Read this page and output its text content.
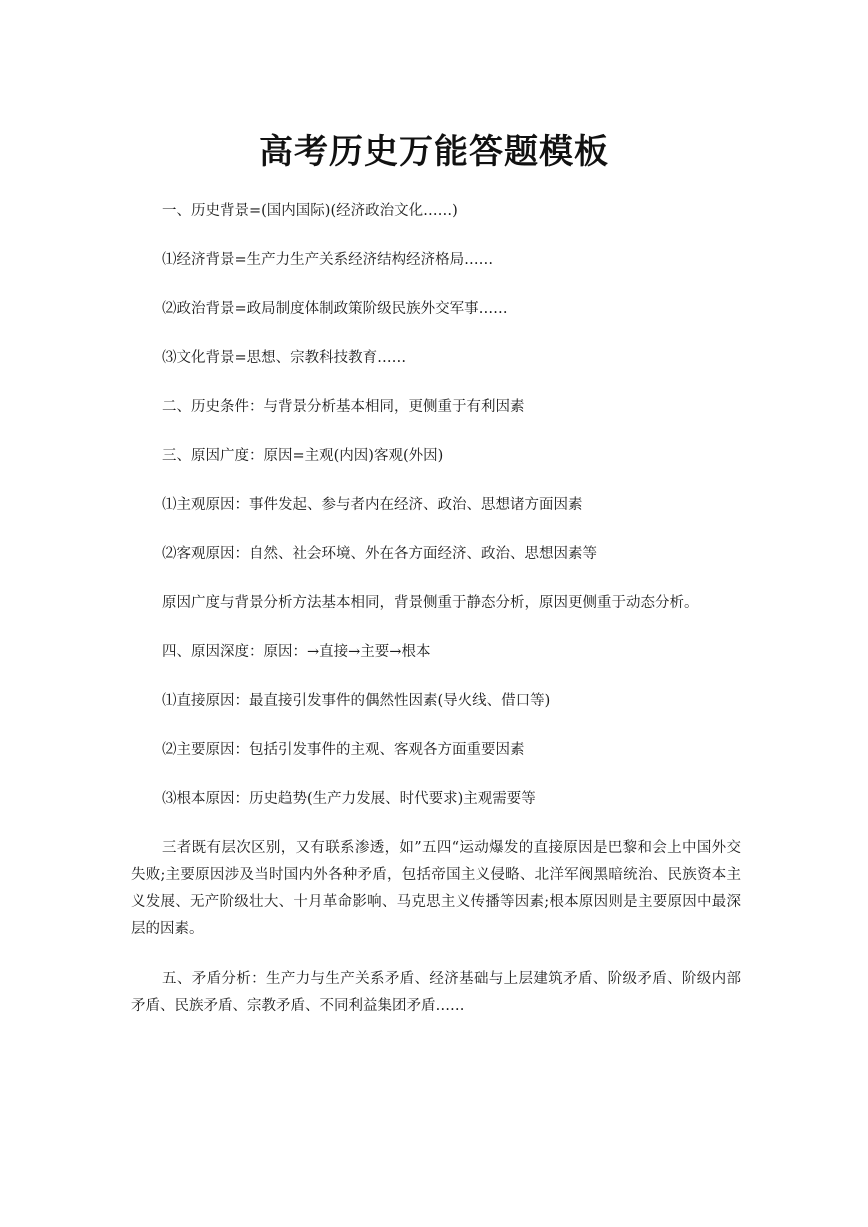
高考历史万能答题模板
一、历史背景=(国内国际)(经济政治文化……)
⑴经济背景=生产力生产关系经济结构经济格局……
⑵政治背景=政局制度体制政策阶级民族外交军事……
⑶文化背景=思想、宗教科技教育……
二、历史条件：与背景分析基本相同，更侧重于有利因素
三、原因广度：原因=主观(内因)客观(外因)
⑴主观原因：事件发起、参与者内在经济、政治、思想诸方面因素
⑵客观原因：自然、社会环境、外在各方面经济、政治、思想因素等
原因广度与背景分析方法基本相同，背景侧重于静态分析，原因更侧重于动态分析。
四、原因深度：原因：→直接→主要→根本
⑴直接原因：最直接引发事件的偶然性因素(导火线、借口等)
⑵主要原因：包括引发事件的主观、客观各方面重要因素
⑶根本原因：历史趋势(生产力发展、时代要求)主观需要等
三者既有层次区别，又有联系渗透，如”五四“运动爆发的直接原因是巴黎和会上中国外交失败;主要原因涉及当时国内外各种矛盾，包括帝国主义侵略、北洋军阀黑暗统治、民族资本主义发展、无产阶级壮大、十月革命影响、马克思主义传播等因素;根本原因则是主要原因中最深层的因素。
五、矛盾分析：生产力与生产关系矛盾、经济基础与上层建筑矛盾、阶级矛盾、阶级内部矛盾、民族矛盾、宗教矛盾、不同利益集团矛盾……
